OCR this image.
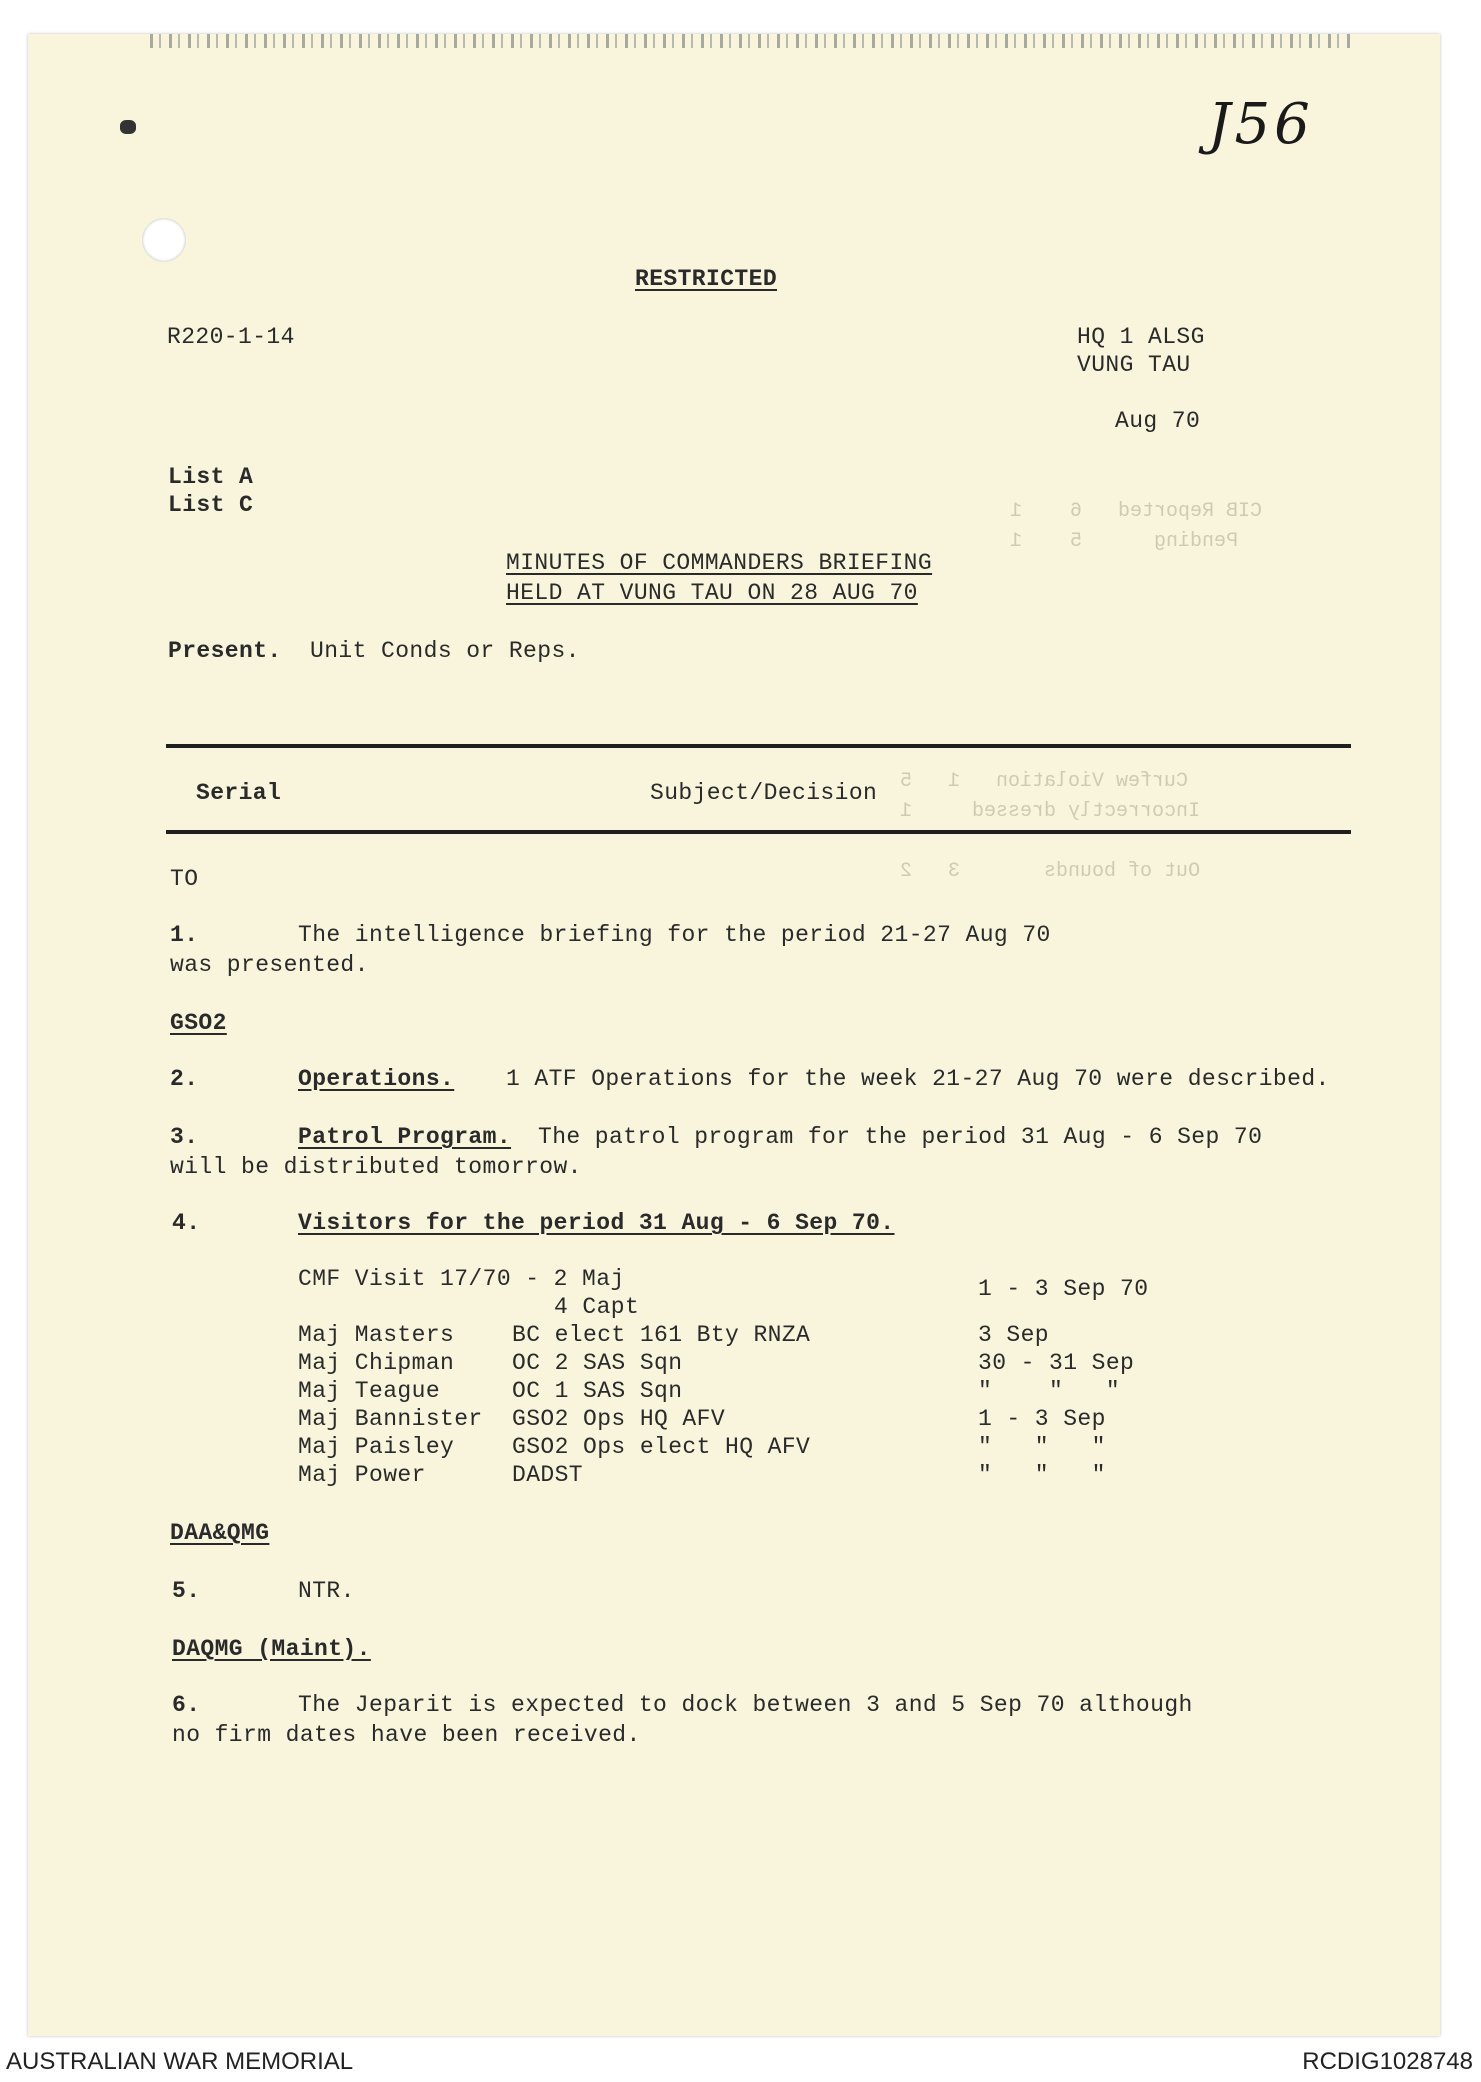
CIB Reported   6    1
Pending      5    1
Curfew Violation   1   5
Incorrectly dressed     1
Out of bounds       3   2
J56
RESTRICTED
R220-1-14	HQ 1 ALSG
VUNG TAU
Aug 70
List A
List C
MINUTES OF COMMANDERS BRIEFING
HELD AT VUNG TAU ON 28 AUG 70
Present. Unit Conds or Reps.
Serial	Subject/Decision
TO
1.	The intelligence briefing for the period 21-27 Aug 70
was presented.
GSO2
2.	Operations. 1 ATF Operations for the week 21-27 Aug 70 were described.
3.	Patrol Program. The patrol program for the period 31 Aug - 6 Sep 70
will be distributed tomorrow.
4.	Visitors for the period 31 Aug - 6 Sep 70.
CMF Visit 17/70 - 2 Maj	1 - 3 Sep 70
4 Capt
Maj Masters	BC elect 161 Bty RNZA	3 Sep
Maj Chipman	OC 2 SAS Sqn	30 - 31 Sep
Maj Teague	OC 1 SAS Sqn	"    "   "
Maj Bannister GSO2 Ops HQ AFV	1 - 3 Sep
Maj Paisley	GSO2 Ops elect HQ AFV	"   "   "
Maj Power	DADST	"   "   "
DAA&QMG
5.	NTR.
DAQMG (Maint).
6.	The Jeparit is expected to dock between 3 and 5 Sep 70 although
no firm dates have been received.
AUSTRALIAN WAR MEMORIAL	RCDIG1028748
